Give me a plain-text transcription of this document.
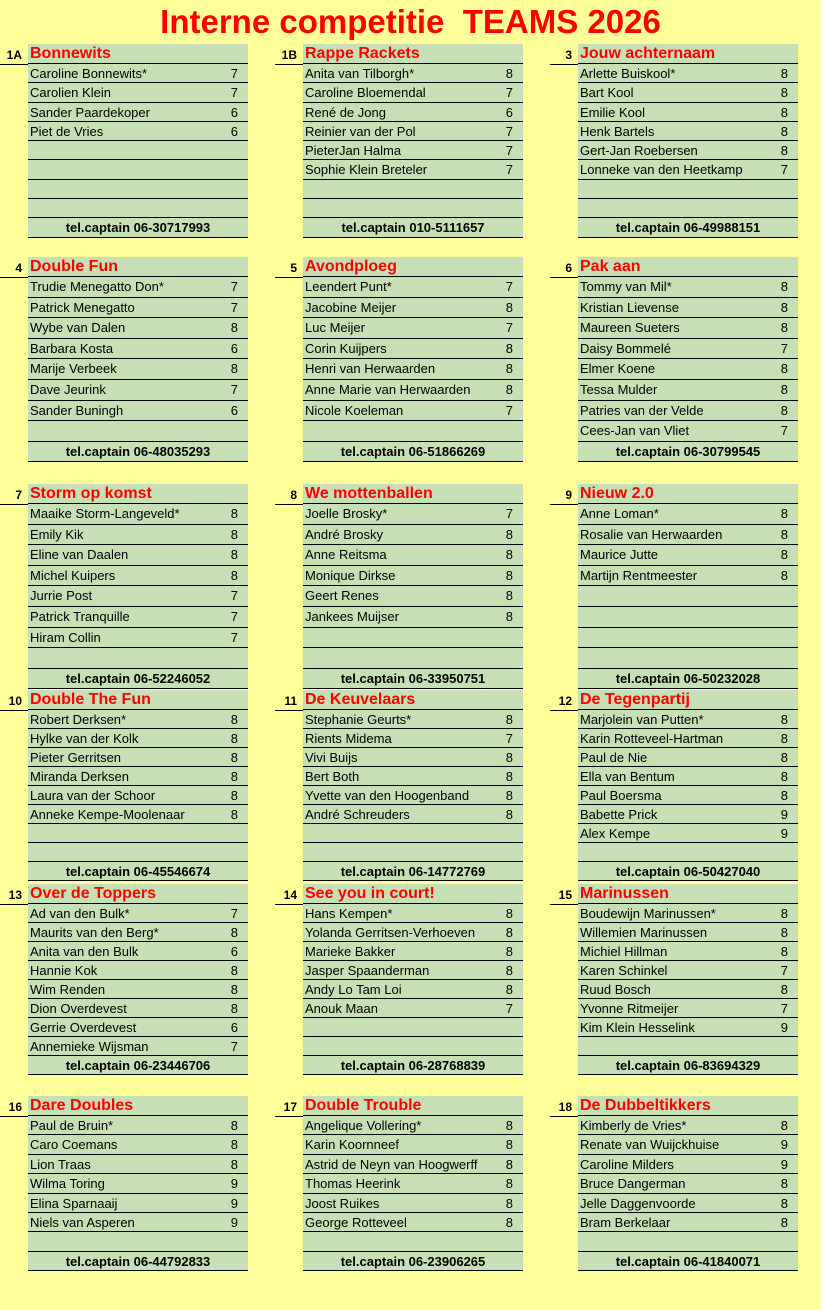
Interne competitie  TEAMS 2026
1A Bonnewits
Caroline Bonnewits*	7
Carolien Klein	7
Sander Paardekoper	6
Piet de Vries	6
tel.captain 06-30717993
1B Rappe Rackets
Anita van Tilborgh*	8
Caroline Bloemendal	7
René de Jong	6
Reinier van der Pol	7
PieterJan Halma	7
Sophie Klein Breteler	7
tel.captain 010-5111657
3 Jouw achternaam
Arlette Buiskool*	8
Bart Kool	8
Emilie Kool	8
Henk Bartels	8
Gert-Jan Roebersen	8
Lonneke van den Heetkamp	7
tel.captain 06-49988151
4 Double Fun
Trudie Menegatto Don*	7
Patrick Menegatto	7
Wybe van Dalen	8
Barbara Kosta	6
Marije Verbeek	8
Dave Jeurink	7
Sander Buningh	6
tel.captain 06-48035293
5 Avondploeg
Leendert Punt*	7
Jacobine Meijer	8
Luc Meijer	7
Corin Kuijpers	8
Henri van Herwaarden	8
Anne Marie van Herwaarden	8
Nicole Koeleman	7
tel.captain 06-51866269
6 Pak aan
Tommy van Mil*	8
Kristian Lievense	8
Maureen Sueters	8
Daisy Bommelé	7
Elmer Koene	8
Tessa Mulder	8
Patries van der Velde	8
Cees-Jan van Vliet	7
tel.captain 06-30799545
7 Storm op komst
Maaike Storm-Langeveld*	8
Emily Kik	8
Eline van Daalen	8
Michel Kuipers	8
Jurrie Post	7
Patrick Tranquille	7
Hiram Collin	7
tel.captain 06-52246052
8 We mottenballen
Joelle Brosky*	7
André Brosky	8
Anne Reitsma	8
Monique Dirkse	8
Geert Renes	8
Jankees Muijser	8
tel.captain 06-33950751
9 Nieuw 2.0
Anne Loman*	8
Rosalie van Herwaarden	8
Maurice Jutte	8
Martijn Rentmeester	8
tel.captain 06-50232028
10 Double The Fun
Robert Derksen*	8
Hylke van der Kolk	8
Pieter Gerritsen	8
Miranda Derksen	8
Laura van der Schoor	8
Anneke Kempe-Moolenaar	8
tel.captain 06-45546674
11 De Keuvelaars
Stephanie Geurts*	8
Rients Midema	7
Vivi Buijs	8
Bert Both	8
Yvette van den Hoogenband	8
André Schreuders	8
tel.captain 06-14772769
12 De Tegenpartij
Marjolein van Putten*	8
Karin Rotteveel-Hartman	8
Paul de Nie	8
Ella van Bentum	8
Paul Boersma	8
Babette Prick	9
Alex Kempe	9
tel.captain 06-50427040
13 Over de Toppers
Ad van den Bulk*	7
Maurits van den Berg*	8
Anita van den Bulk	6
Hannie Kok	8
Wim Renden	8
Dion Overdevest	8
Gerrie Overdevest	6
Annemieke Wijsman	7
tel.captain 06-23446706
14 See you in court!
Hans Kempen*	8
Yolanda Gerritsen-Verhoeven 8
Marieke Bakker	8
Jasper Spaanderman	8
Andy Lo Tam Loi	8
Anouk Maan	7
tel.captain 06-28768839
15 Marinussen
Boudewijn Marinussen*	8
Willemien Marinussen	8
Michiel Hillman	8
Karen Schinkel	7
Ruud Bosch	8
Yvonne Ritmeijer	7
Kim Klein Hesselink	9
tel.captain 06-83694329
16 Dare Doubles
Paul de Bruin*	8
Caro Coemans	8
Lion Traas	8
Wilma Toring	9
Elina Sparnaaij	9
Niels van Asperen	9
tel.captain 06-44792833
17 Double Trouble
Angelique Vollering*	8
Karin Koornneef	8
Astrid de Neyn van Hoogwerff 8
Thomas Heerink	8
Joost Ruikes	8
George Rotteveel	8
tel.captain 06-23906265
18 De Dubbeltikkers
Kimberly de Vries*	8
Renate van Wuijckhuise	9
Caroline Milders	9
Bruce Dangerman	8
Jelle Daggenvoorde	8
Bram Berkelaar	8
tel.captain 06-41840071
